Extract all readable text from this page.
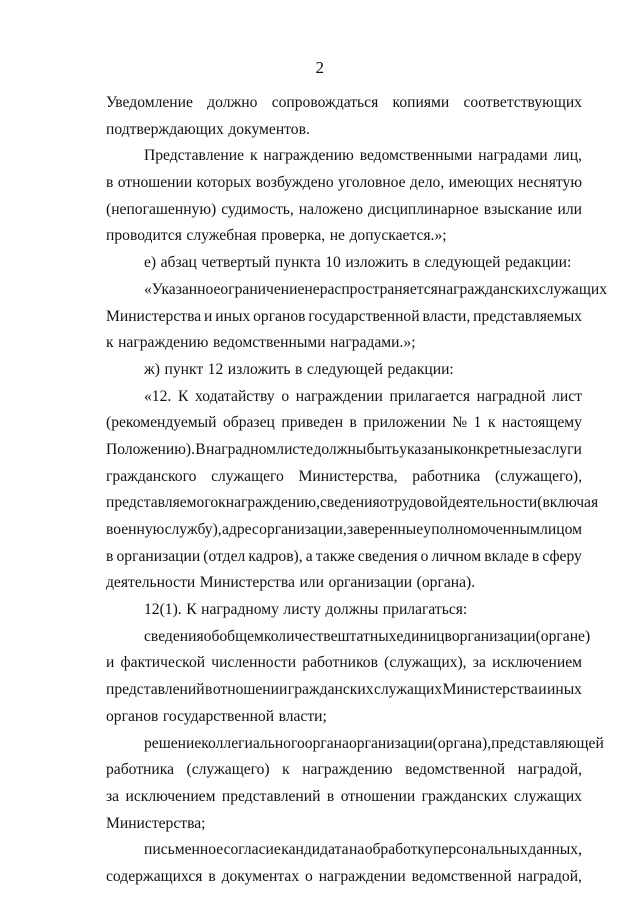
2
Уведомление должно сопровождаться копиями соответствующих
подтверждающих документов.
Представление к награждению ведомственными наградами лиц,
в отношении которых возбуждено уголовное дело, имеющих неснятую
(непогашенную) судимость, наложено дисциплинарное взыскание или
проводится служебная проверка, не допускается.»;
е) абзац четвертый пункта 10 изложить в следующей редакции:
«Указанное ограничение не распространяется на гражданских служащих
Министерства и иных органов государственной власти, представляемых
к награждению ведомственными наградами.»;
ж) пункт 12 изложить в следующей редакции:
«12. К ходатайству о награждении прилагается наградной лист
(рекомендуемый образец приведен в приложении № 1 к настоящему
Положению). В наградном листе должны быть указаны конкретные заслуги
гражданского служащего Министерства, работника (служащего),
представляемого к награждению, сведения о трудовой деятельности (включая
военную службу), адрес организации, заверенные уполномоченным лицом
в организации (отдел кадров), а также сведения о личном вкладе в сферу
деятельности Министерства или организации (органа).
12(1). К наградному листу должны прилагаться:
сведения об общем количестве штатных единиц в организации (органе)
и фактической численности работников (служащих), за исключением
представлений в отношении гражданских служащих Министерства и иных
органов государственной власти;
решение коллегиального органа организации (органа), представляющей
работника (служащего) к награждению ведомственной наградой,
за исключением представлений в отношении гражданских служащих
Министерства;
письменное согласие кандидата на обработку персональных данных,
содержащихся в документах о награждении ведомственной наградой,
